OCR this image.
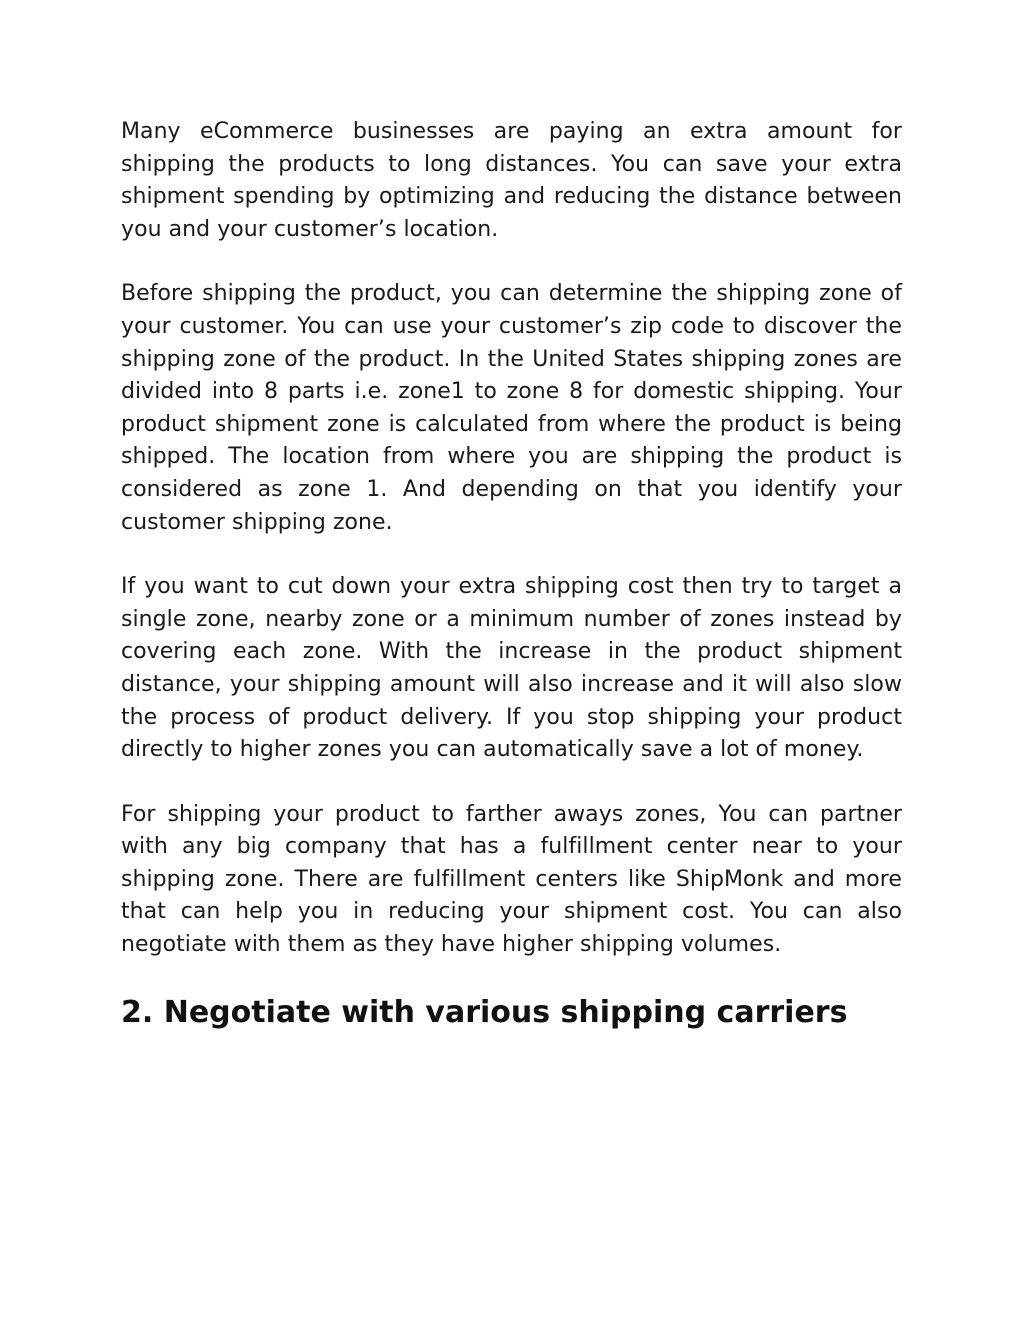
Many eCommerce businesses are paying an extra amount for shipping the products to long distances. You can save your extra shipment spending by optimizing and reducing the distance between you and your customer’s location.

Before shipping the product, you can determine the shipping zone of your customer. You can use your customer’s zip code to discover the shipping zone of the product. In the United States shipping zones are divided into 8 parts i.e. zone1 to zone 8 for domestic shipping. Your product shipment zone is calculated from where the product is being shipped. The location from where you are shipping the product is considered as zone 1. And depending on that you identify your customer shipping zone.

If you want to cut down your extra shipping cost then try to target a single zone, nearby zone or a minimum number of zones instead by covering each zone. With the increase in the product shipment distance, your shipping amount will also increase and it will also slow the process of product delivery. If you stop shipping your product directly to higher zones you can automatically save a lot of money.

For shipping your product to farther aways zones, You can partner with any big company that has a fulfillment center near to your shipping zone. There are fulfillment centers like ShipMonk and more that can help you in reducing your shipment cost. You can also negotiate with them as they have higher shipping volumes.

2. Negotiate with various shipping carriers
